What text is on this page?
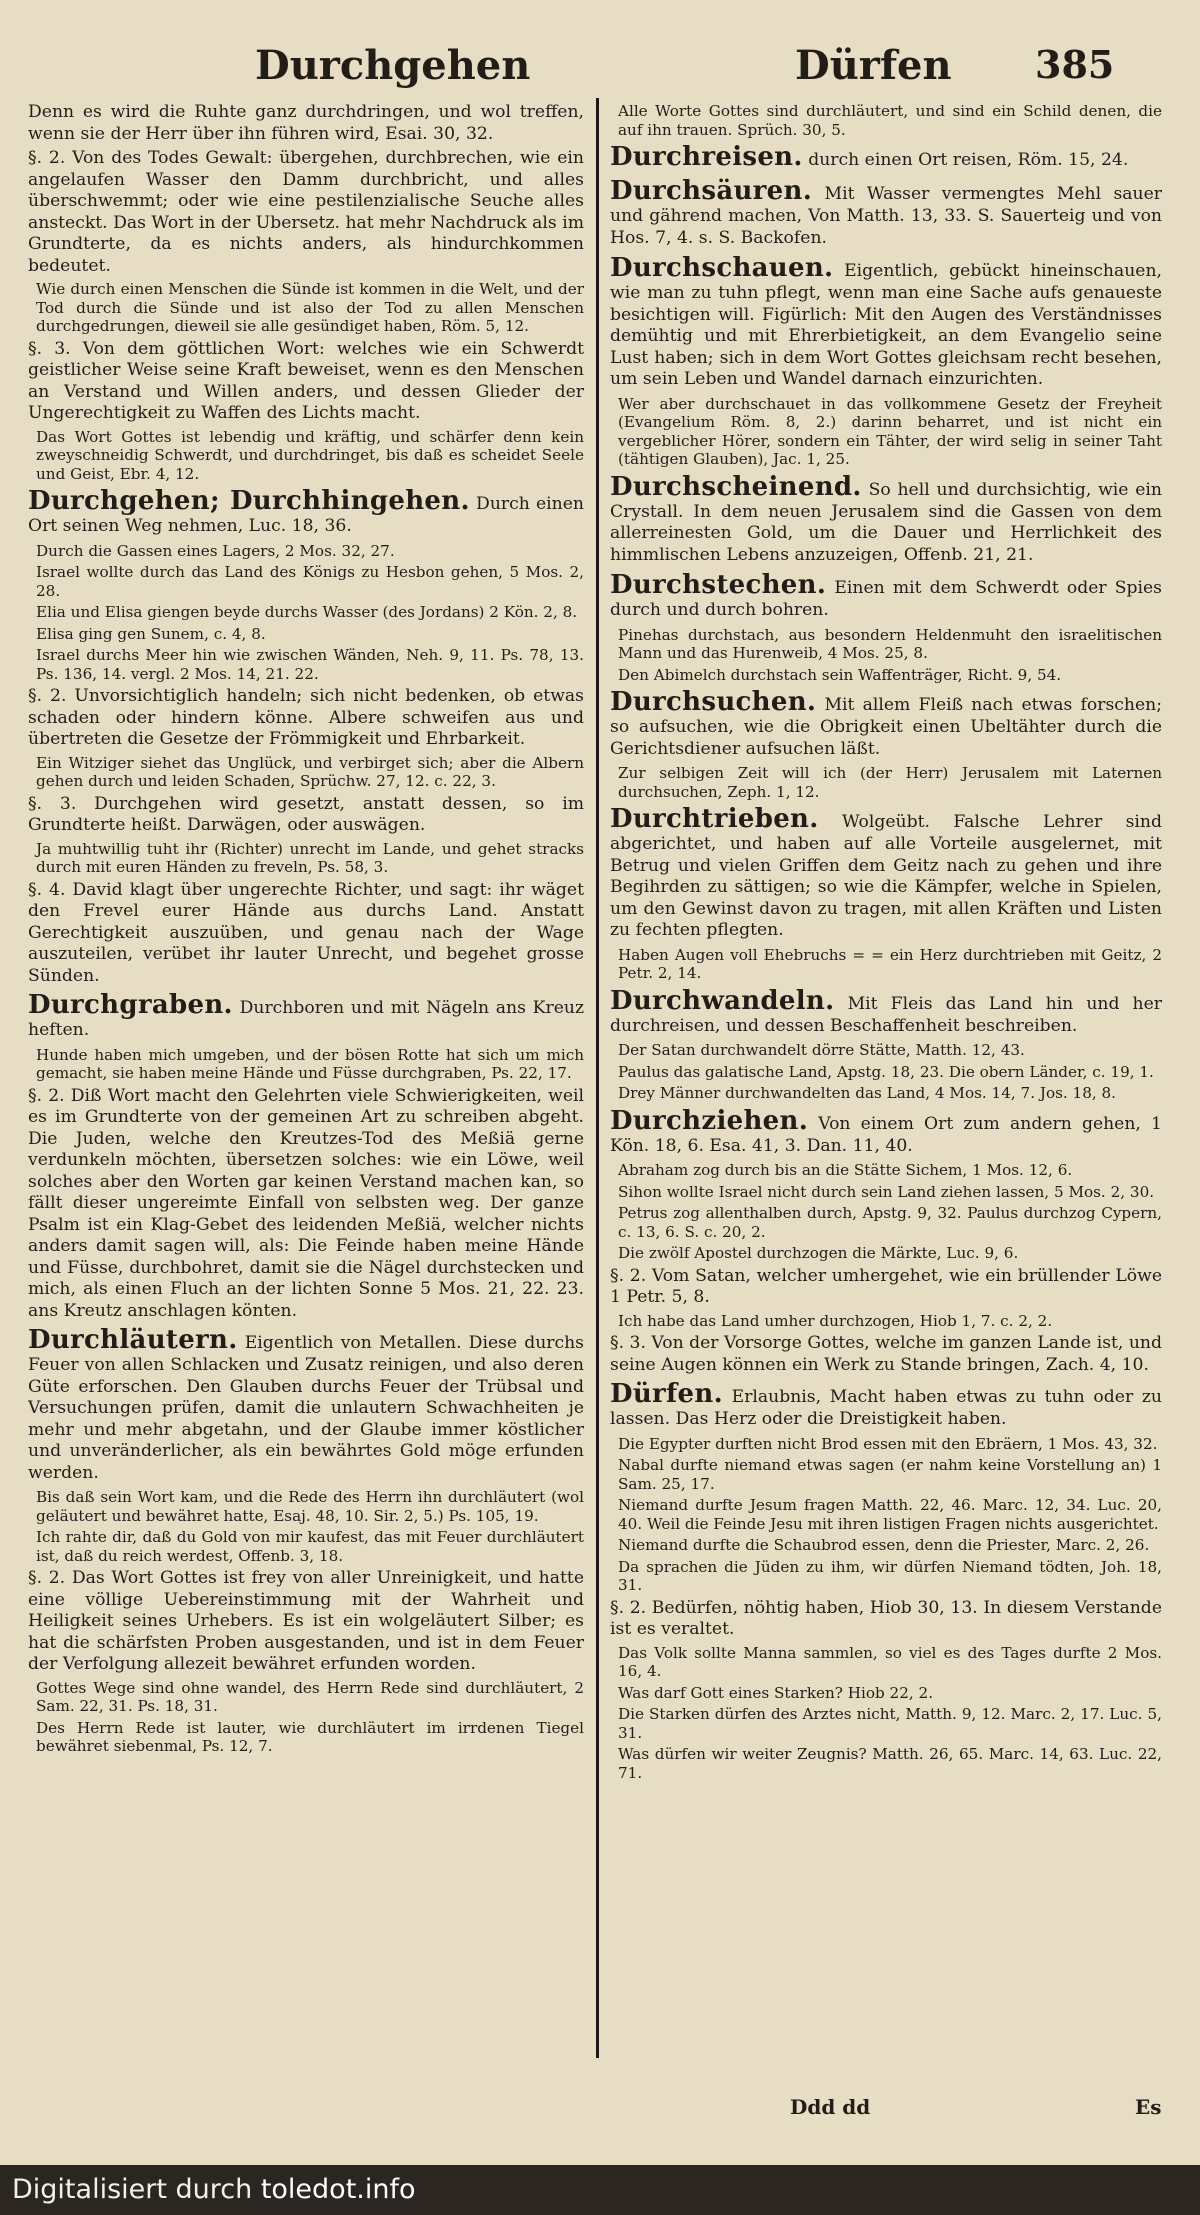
Durchgehen	Dürfen 385
Denn es wird die Ruhte ganz durchdringen, und wol treffen, wenn sie der Herr über ihn führen wird, Esai. 30, 32.
§. 2. Von des Todes Gewalt: übergehen, durchbrechen, wie ein angelaufen Wasser den Damm durchbricht, und alles überschwemmt; oder wie eine pestilenzialische Seuche alles ansteckt. Das Wort in der Ubersetz. hat mehr Nachdruck als im Grundterte, da es nichts anders, als hindurchkommen bedeutet.
Wie durch einen Menschen die Sünde ist kommen in die Welt, und der Tod durch die Sünde und ist also der Tod zu allen Menschen durchgedrungen, dieweil sie alle gesündiget haben, Röm. 5, 12.
§. 3. Von dem göttlichen Wort: welches wie ein Schwerdt geistlicher Weise seine Kraft beweiset, wenn es den Menschen an Verstand und Willen anders, und dessen Glieder der Ungerechtigkeit zu Waffen des Lichts macht.
Das Wort Gottes ist lebendig und kräftig, und schärfer denn kein zweyschneidig Schwerdt, und durchdringet, bis daß es scheidet Seele und Geist, Ebr. 4, 12.
Durchgehen; Durchhingehen. Durch einen Ort seinen Weg nehmen, Luc. 18, 36.
Durch die Gassen eines Lagers, 2 Mos. 32, 27.
Israel wollte durch das Land des Königs zu Hesbon gehen, 5 Mos. 2, 28.
Elia und Elisa giengen beyde durchs Wasser (des Jordans) 2 Kön. 2, 8.
Elisa ging gen Sunem, c. 4, 8.
Israel durchs Meer hin wie zwischen Wänden, Neh. 9, 11. Ps. 78, 13. Ps. 136, 14. vergl. 2 Mos. 14, 21. 22.
§. 2. Unvorsichtiglich handeln; sich nicht bedenken, ob etwas schaden oder hindern könne. Albere schweifen aus und übertreten die Gesetze der Frömmigkeit und Ehrbarkeit.
Ein Witziger siehet das Unglück, und verbirget sich; aber die Albern gehen durch und leiden Schaden, Sprüchw. 27, 12. c. 22, 3.
§. 3. Durchgehen wird gesetzt, anstatt dessen, so im Grundterte heißt. Darwägen, oder auswägen.
Ja muhtwillig tuht ihr (Richter) unrecht im Lande, und gehet stracks durch mit euren Händen zu freveln, Ps. 58, 3.
§. 4. David klagt über ungerechte Richter, und sagt: ihr wäget den Frevel eurer Hände aus durchs Land. Anstatt Gerechtigkeit auszuüben, und genau nach der Wage auszuteilen, verübet ihr lauter Unrecht, und begehet grosse Sünden.
Durchgraben. Durchboren und mit Nägeln ans Kreuz heften.
Hunde haben mich umgeben, und der bösen Rotte hat sich um mich gemacht, sie haben meine Hände und Füsse durchgraben, Ps. 22, 17.
§. 2. Diß Wort macht den Gelehrten viele Schwierigkeiten, weil es im Grundterte von der gemeinen Art zu schreiben abgeht. Die Juden, welche den Kreutzes-Tod des Meßiä gerne verdunkeln möchten, übersetzen solches: wie ein Löwe, weil solches aber den Worten gar keinen Verstand machen kan, so fällt dieser ungereimte Einfall von selbsten weg. Der ganze Psalm ist ein Klag-Gebet des leidenden Meßiä, welcher nichts anders damit sagen will, als: Die Feinde haben meine Hände und Füsse, durchbohret, damit sie die Nägel durchstecken und mich, als einen Fluch an der lichten Sonne 5 Mos. 21, 22. 23. ans Kreutz anschlagen könten.
Durchläutern. Eigentlich von Metallen. Diese durchs Feuer von allen Schlacken und Zusatz reinigen, und also deren Güte erforschen. Den Glauben durchs Feuer der Trübsal und Versuchungen prüfen, damit die unlautern Schwachheiten je mehr und mehr abgetahn, und der Glaube immer köstlicher und unveränderlicher, als ein bewährtes Gold möge erfunden werden.
Bis daß sein Wort kam, und die Rede des Herrn ihn durchläutert (wol geläutert und bewähret hatte, Esaj. 48, 10. Sir. 2, 5.) Ps. 105, 19.
Ich rahte dir, daß du Gold von mir kaufest, das mit Feuer durchläutert ist, daß du reich werdest, Offenb. 3, 18.
§. 2. Das Wort Gottes ist frey von aller Unreinigkeit, und hatte eine völlige Uebereinstimmung mit der Wahrheit und Heiligkeit seines Urhebers. Es ist ein wolgeläutert Silber; es hat die schärfsten Proben ausgestanden, und ist in dem Feuer der Verfolgung allezeit bewähret erfunden worden.
Gottes Wege sind ohne wandel, des Herrn Rede sind durchläutert, 2 Sam. 22, 31. Ps. 18, 31.
Des Herrn Rede ist lauter, wie durchläutert im irrdenen Tiegel bewähret siebenmal, Ps. 12, 7.
Alle Worte Gottes sind durchläutert, und sind ein Schild denen, die auf ihn trauen. Sprüch. 30, 5.
Durchreisen. durch einen Ort reisen, Röm. 15, 24.
Durchsäuren. Mit Wasser vermengtes Mehl sauer und gährend machen, Von Matth. 13, 33. S. Sauerteig und von Hos. 7, 4. s. S. Backofen.
Durchschauen. Eigentlich, gebückt hineinschauen, wie man zu tuhn pflegt, wenn man eine Sache aufs genaueste besichtigen will. Figürlich: Mit den Augen des Verständnisses demühtig und mit Ehrerbietigkeit, an dem Evangelio seine Lust haben; sich in dem Wort Gottes gleichsam recht besehen, um sein Leben und Wandel darnach einzurichten.
Wer aber durchschauet in das vollkommene Gesetz der Freyheit (Evangelium Röm. 8, 2.) darinn beharret, und ist nicht ein vergeblicher Hörer, sondern ein Tähter, der wird selig in seiner Taht (tähtigen Glauben), Jac. 1, 25.
Durchscheinend. So hell und durchsichtig, wie ein Crystall. In dem neuen Jerusalem sind die Gassen von dem allerreinesten Gold, um die Dauer und Herrlichkeit des himmlischen Lebens anzuzeigen, Offenb. 21, 21.
Durchstechen. Einen mit dem Schwerdt oder Spies durch und durch bohren.
Pinehas durchstach, aus besondern Heldenmuht den israelitischen Mann und das Hurenweib, 4 Mos. 25, 8.
Den Abimelch durchstach sein Waffenträger, Richt. 9, 54.
Durchsuchen. Mit allem Fleiß nach etwas forschen; so aufsuchen, wie die Obrigkeit einen Ubeltähter durch die Gerichtsdiener aufsuchen läßt.
Zur selbigen Zeit will ich (der Herr) Jerusalem mit Laternen durchsuchen, Zeph. 1, 12.
Durchtrieben. Wolgeübt. Falsche Lehrer sind abgerichtet, und haben auf alle Vorteile ausgelernet, mit Betrug und vielen Griffen dem Geitz nach zu gehen und ihre Begihrden zu sättigen; so wie die Kämpfer, welche in Spielen, um den Gewinst davon zu tragen, mit allen Kräften und Listen zu fechten pflegten.
Haben Augen voll Ehebruchs = = ein Herz durchtrieben mit Geitz, 2 Petr. 2, 14.
Durchwandeln. Mit Fleis das Land hin und her durchreisen, und dessen Beschaffenheit beschreiben.
Der Satan durchwandelt dörre Stätte, Matth. 12, 43.
Paulus das galatische Land, Apstg. 18, 23. Die obern Länder, c. 19, 1.
Drey Männer durchwandelten das Land, 4 Mos. 14, 7. Jos. 18, 8.
Durchziehen. Von einem Ort zum andern gehen, 1 Kön. 18, 6. Esa. 41, 3. Dan. 11, 40.
Abraham zog durch bis an die Stätte Sichem, 1 Mos. 12, 6.
Sihon wollte Israel nicht durch sein Land ziehen lassen, 5 Mos. 2, 30.
Petrus zog allenthalben durch, Apstg. 9, 32. Paulus durchzog Cypern, c. 13, 6. S. c. 20, 2.
Die zwölf Apostel durchzogen die Märkte, Luc. 9, 6.
§. 2. Vom Satan, welcher umhergehet, wie ein brüllender Löwe 1 Petr. 5, 8.
Ich habe das Land umher durchzogen, Hiob 1, 7. c. 2, 2.
§. 3. Von der Vorsorge Gottes, welche im ganzen Lande ist, und seine Augen können ein Werk zu Stande bringen, Zach. 4, 10.
Dürfen. Erlaubnis, Macht haben etwas zu tuhn oder zu lassen. Das Herz oder die Dreistigkeit haben.
Die Egypter durften nicht Brod essen mit den Ebräern, 1 Mos. 43, 32.
Nabal durfte niemand etwas sagen (er nahm keine Vorstellung an) 1 Sam. 25, 17.
Niemand durfte Jesum fragen Matth. 22, 46. Marc. 12, 34. Luc. 20, 40. Weil die Feinde Jesu mit ihren listigen Fragen nichts ausgerichtet.
Niemand durfte die Schaubrod essen, denn die Priester, Marc. 2, 26.
Da sprachen die Jüden zu ihm, wir dürfen Niemand tödten, Joh. 18, 31.
§. 2. Bedürfen, nöhtig haben, Hiob 30, 13. In diesem Verstande ist es veraltet.
Das Volk sollte Manna sammlen, so viel es des Tages durfte 2 Mos. 16, 4.
Was darf Gott eines Starken? Hiob 22, 2.
Die Starken dürfen des Arztes nicht, Matth. 9, 12. Marc. 2, 17. Luc. 5, 31.
Was dürfen wir weiter Zeugnis? Matth. 26, 65. Marc. 14, 63. Luc. 22, 71.
Ddd dd	Es
Digitalisiert durch toledot.info
